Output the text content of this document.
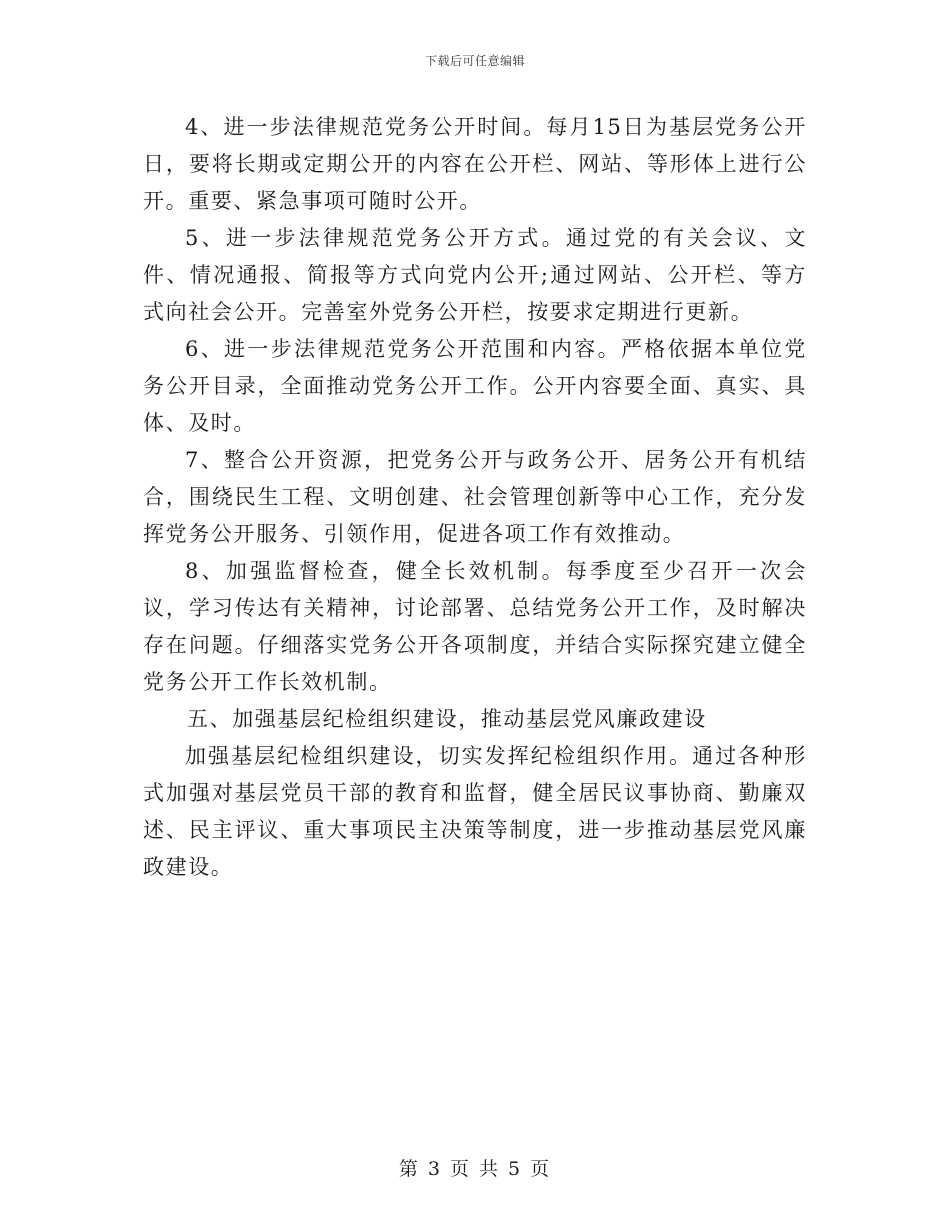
下载后可任意编辑

4、进一步法律规范党务公开时间。每月15日为基层党务公开日，要将长期或定期公开的内容在公开栏、网站、等形体上进行公开。重要、紧急事项可随时公开。

5、进一步法律规范党务公开方式。通过党的有关会议、文件、情况通报、简报等方式向党内公开;通过网站、公开栏、等方式向社会公开。完善室外党务公开栏，按要求定期进行更新。

6、进一步法律规范党务公开范围和内容。严格依据本单位党务公开目录，全面推动党务公开工作。公开内容要全面、真实、具体、及时。

7、整合公开资源，把党务公开与政务公开、居务公开有机结合，围绕民生工程、文明创建、社会管理创新等中心工作，充分发挥党务公开服务、引领作用，促进各项工作有效推动。

8、加强监督检查，健全长效机制。每季度至少召开一次会议，学习传达有关精神，讨论部署、总结党务公开工作，及时解决存在问题。仔细落实党务公开各项制度，并结合实际探究建立健全党务公开工作长效机制。

五、加强基层纪检组织建设，推动基层党风廉政建设

加强基层纪检组织建设，切实发挥纪检组织作用。通过各种形式加强对基层党员干部的教育和监督，健全居民议事协商、勤廉双述、民主评议、重大事项民主决策等制度，进一步推动基层党风廉政建设。

第 3 页 共 5 页
